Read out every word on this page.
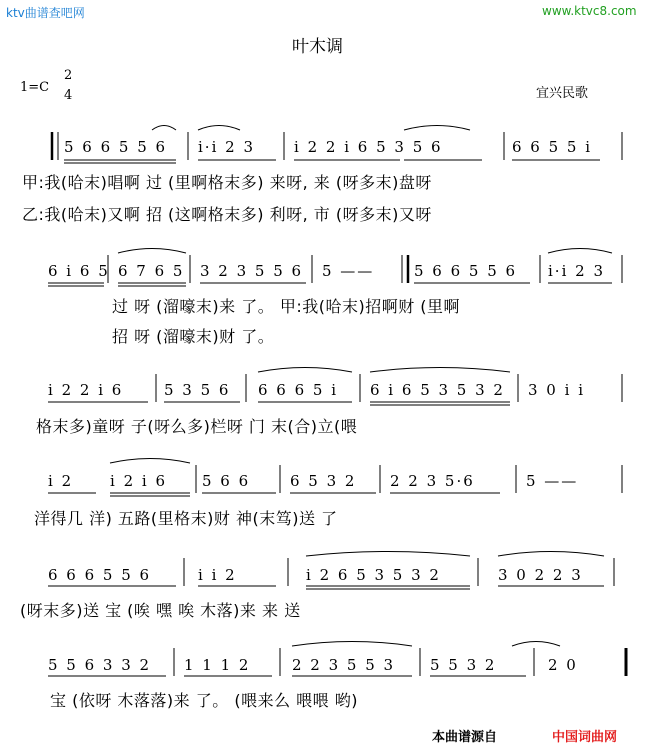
ktv曲谱查吧网	www.ktvc8.com
叶木调
1=C
2
4	宜兴民歌
5 6 6 5 5 6 i·i 2 3	i 2 2 i 6 5 3 5 6	6 6 5 5 i
甲:我(哈末)唱啊 过 (里啊格末多) 来呀, 来 (呀多末)盘呀
乙:我(哈末)又啊 招 (这啊格末多) 利呀, 市 (呀多末)又呀
6 i 6 5 6 7 6 5 3 2 3 5 5 6 5 ——	5 6 6 5 5 6 i·i 2 3
过 呀 (溜嚎末)来 了。 甲:我(哈末)招啊财 (里啊
招 呀 (溜嚎末)财 了。
i 2 2 i 6	5 3 5 6 6 6 6 5 i 6 i 6 5 3 5 3 2 3 0 i i
格末多)童呀 子(呀么多)栏呀 门 末(合)立(喂
i 2 i 2 i 6 5 6 6	6 5 3 2 2 2 3 5·6	5 ——
洋得几 洋) 五路(里格末)财 神(末笃)送 了
6 6 6 5 5 6	i i 2	i 2 6 5 3 5 3 2	3 0 2 2 3
(呀末多)送 宝 (唉 嘿 唉 木落)来 来 送
5 5 6 3 3 2 1 1 1 2	2 2 3 5 5 3 5 5 3 2	2 0
宝 (依呀 木落落)来 了。 (喂来么 喂喂 哟)
本曲谱源自	中国词曲网
